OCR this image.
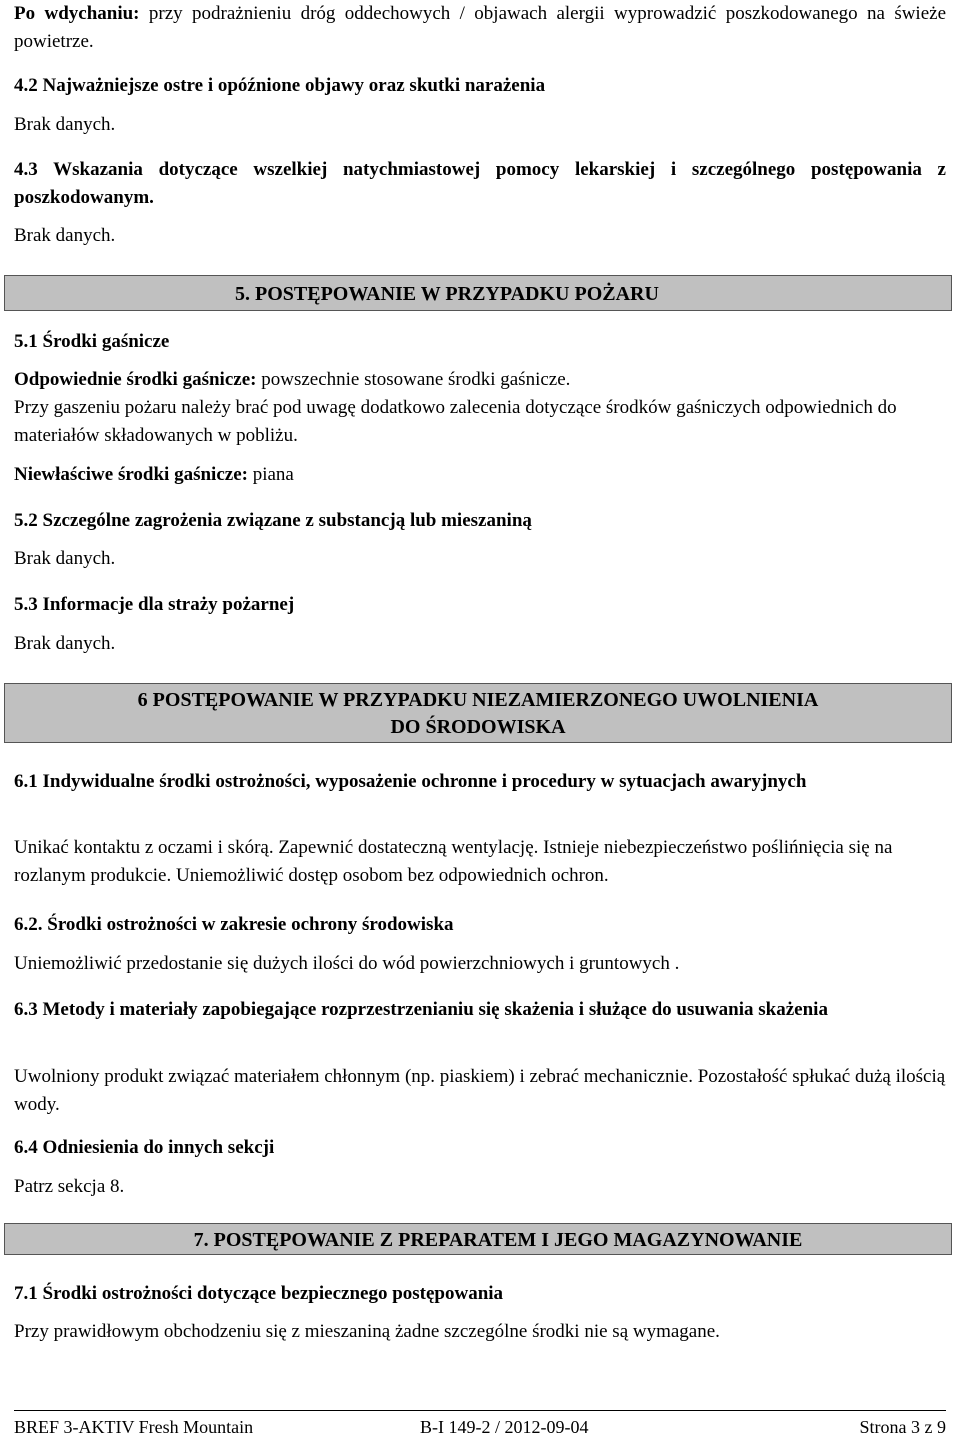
Po wdychaniu: przy podrażnieniu dróg oddechowych / objawach alergii wyprowadzić poszkodowanego na świeże powietrze.

4.2 Najważniejsze ostre i opóźnione objawy oraz skutki narażenia

Brak danych.

4.3 Wskazania dotyczące wszelkiej natychmiastowej pomocy lekarskiej i szczególnego postępowania z poszkodowanym.

Brak danych.

5. POSTĘPOWANIE W PRZYPADKU POŻARU

5.1 Środki gaśnicze

Odpowiednie środki gaśnicze: powszechnie stosowane środki gaśnicze.

Przy gaszeniu pożaru należy brać pod uwagę dodatkowo zalecenia dotyczące środków gaśniczych odpowiednich do materiałów składowanych w pobliżu.

Niewłaściwe środki gaśnicze: piana

5.2 Szczególne zagrożenia związane z substancją lub mieszaniną

Brak danych.

5.3 Informacje dla straży pożarnej

Brak danych.

6 POSTĘPOWANIE W PRZYPADKU NIEZAMIERZONEGO UWOLNIENIA
DO ŚRODOWISKA

6.1 Indywidualne środki ostrożności, wyposażenie ochronne i procedury w sytuacjach awaryjnych

Unikać kontaktu z oczami i skórą. Zapewnić dostateczną wentylację. Istnieje niebezpieczeństwo poślińnięcia się na rozlanym produkcie. Uniemożliwić dostęp osobom bez odpowiednich ochron.

6.2. Środki ostrożności w zakresie ochrony środowiska

Uniemożliwić przedostanie się dużych ilości do wód powierzchniowych i gruntowych .

6.3 Metody i materiały zapobiegające rozprzestrzenianiu się skażenia i służące do usuwania skażenia

Uwolniony produkt związać materiałem chłonnym (np. piaskiem) i zebrać mechanicznie. Pozostałość spłukać dużą ilością wody.

6.4 Odniesienia do innych sekcji

Patrz sekcja 8.

7. POSTĘPOWANIE Z PREPARATEM I JEGO MAGAZYNOWANIE

7.1 Środki ostrożności dotyczące bezpiecznego postępowania

Przy prawidłowym obchodzeniu się z mieszaniną żadne szczególne środki nie są wymagane.

BREF 3-AKTIV Fresh Mountain	B-I 149-2 / 2012-09-04	Strona 3 z 9
